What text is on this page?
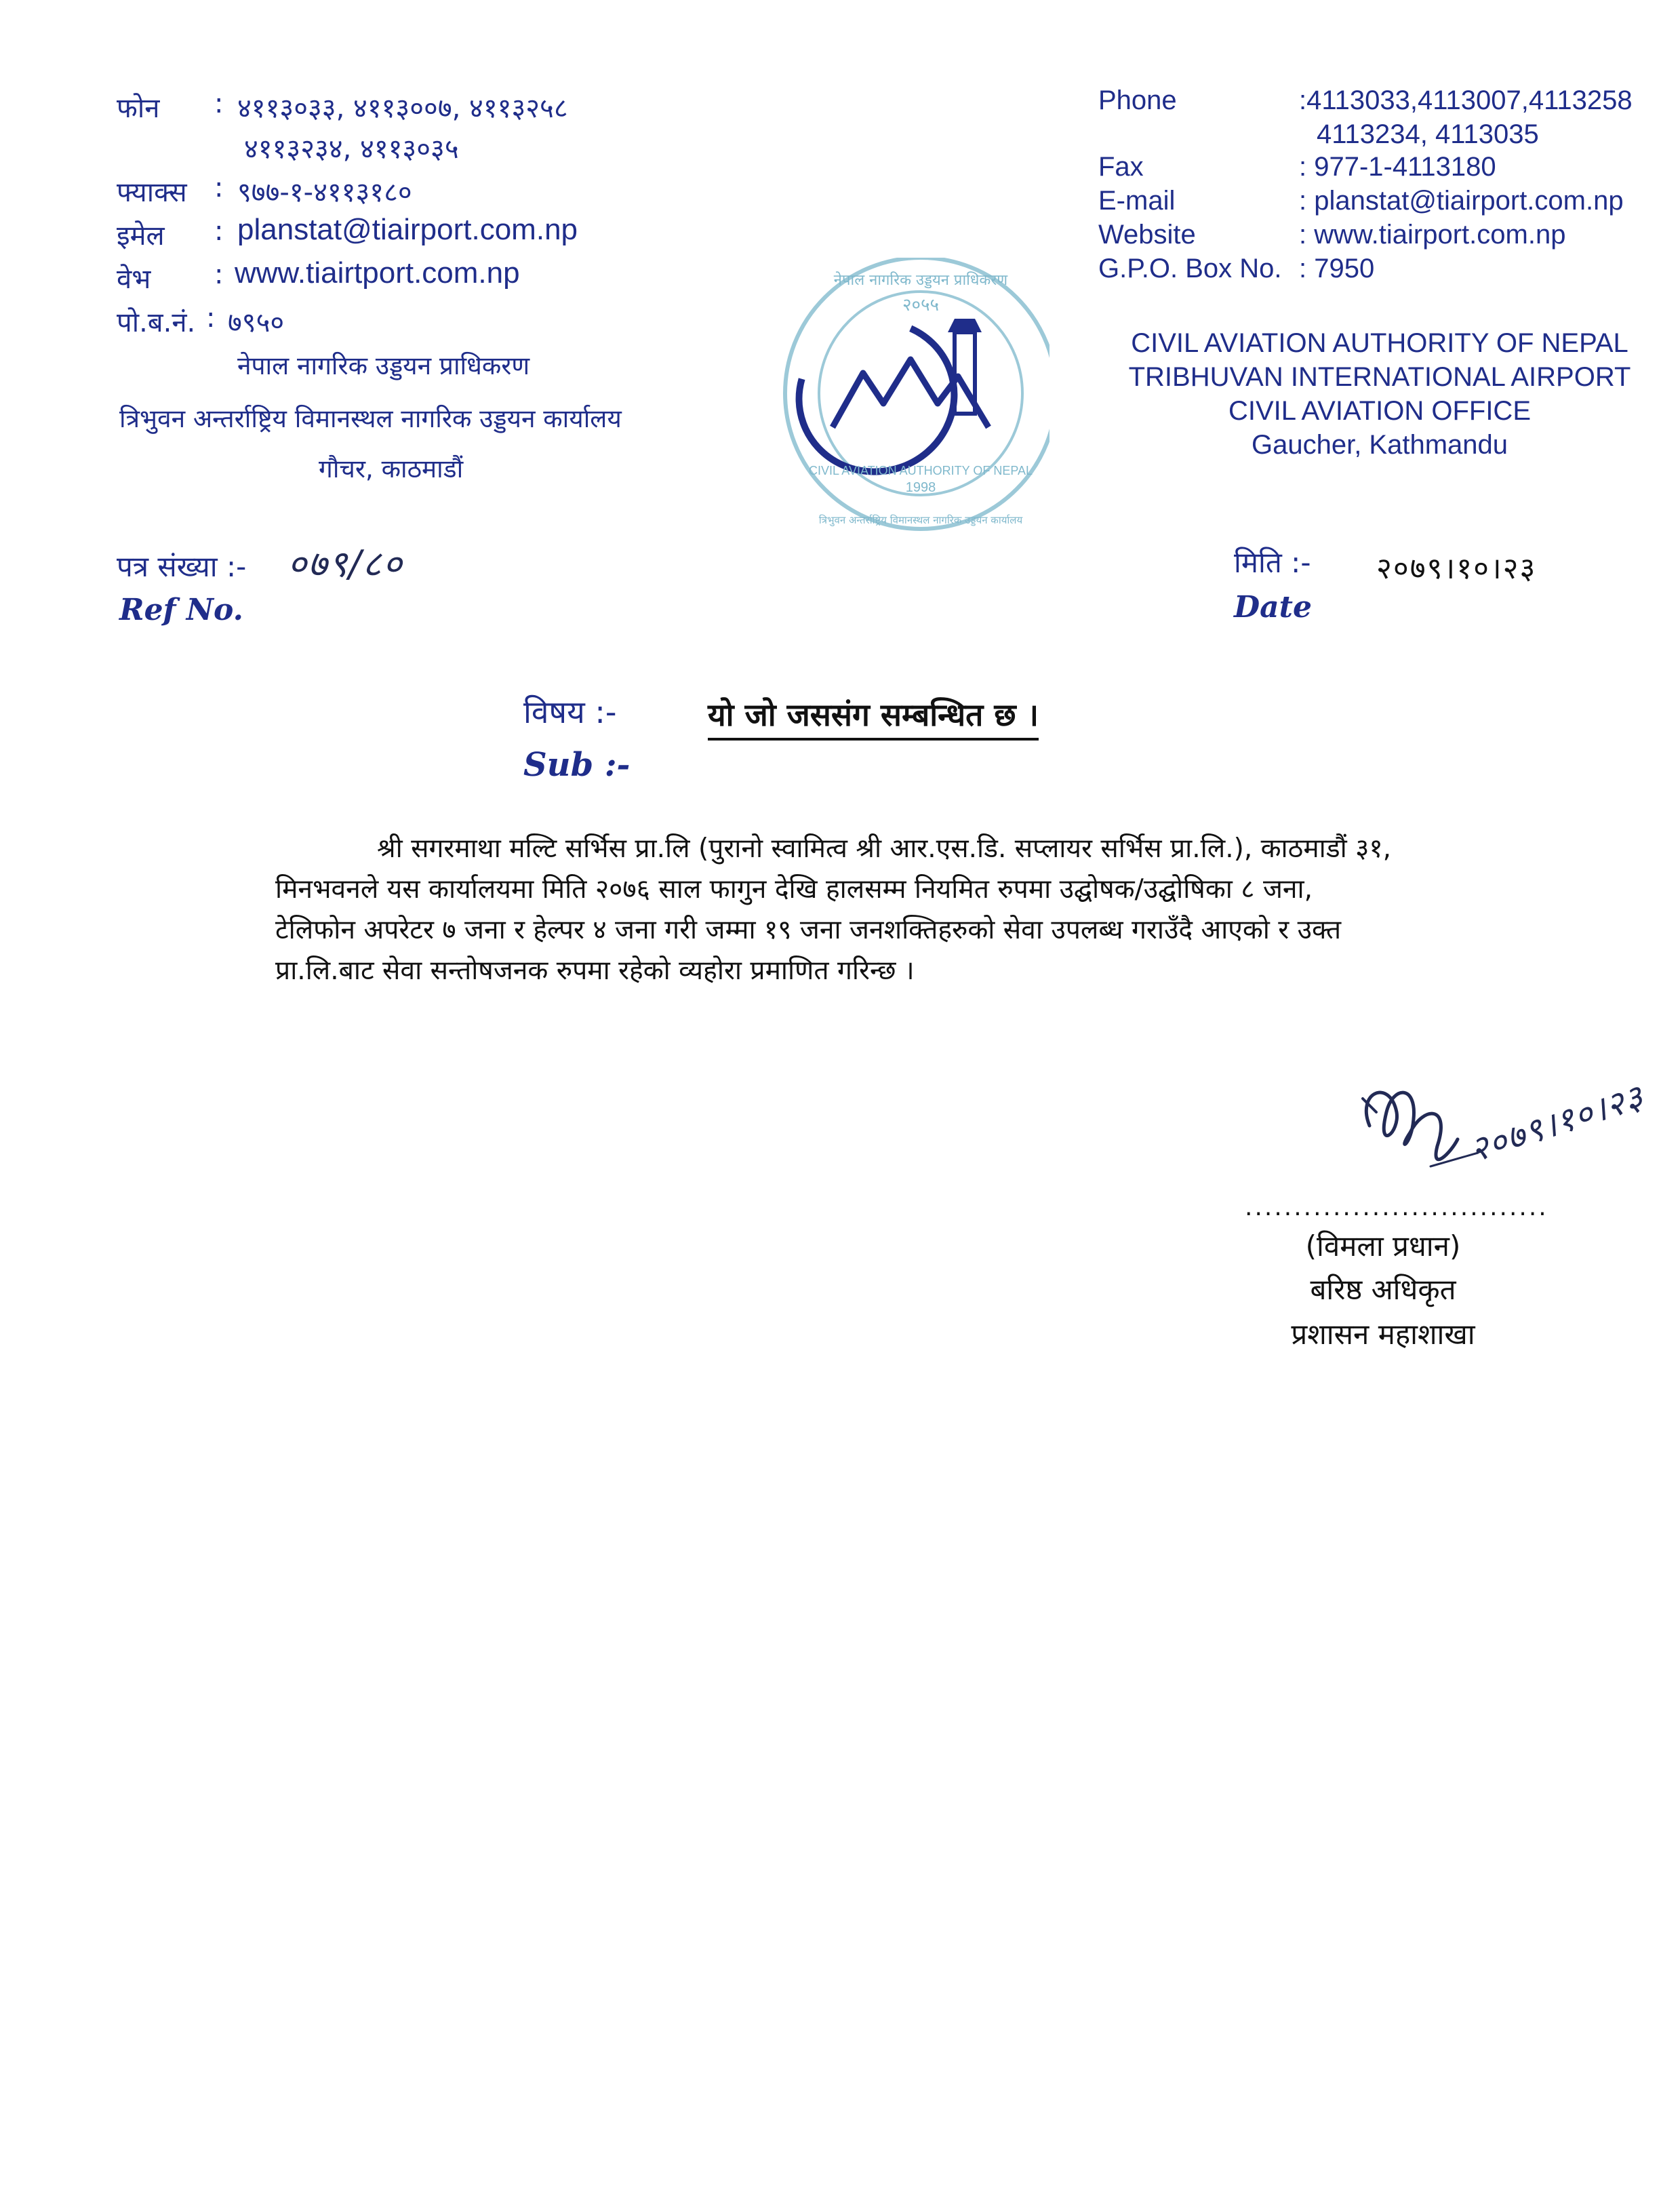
फोन : ४११३०३३, ४११३००७, ४११३२५८
४११३२३४, ४११३०३५
फ्याक्स : ९७७-१-४११३१८०
इमेल : planstat@tiairport.com.np
वेभ : www.tiairtport.com.np
पो.ब.नं. : ७९५०
नेपाल नागरिक उड्डयन प्राधिकरण
त्रिभुवन अन्तर्राष्ट्रिय विमानस्थल नागरिक उड्डयन कार्यालय
गौचर, काठमाडौं
२०५५
CIVIL AVIATION AUTHORITY OF NEPAL
1998
नेपाल नागरिक उड्डयन प्राधिकरण
त्रिभुवन अन्तर्राष्ट्रिय विमानस्थल नागरिक उड्डयन कार्यालय
Phone	:4113033,4113007,4113258
4113234, 4113035
Fax	: 977-1-4113180
E-mail	: planstat@tiairport.com.np
Website	: www.tiairport.com.np
G.P.O. Box No. : 7950
CIVIL AVIATION AUTHORITY OF NEPAL
TRIBHUVAN INTERNATIONAL AIRPORT
CIVIL AVIATION OFFICE
Gaucher, Kathmandu
पत्र संख्या :- ०७९/८०
Ref No.
मिति :- २०७९।१०।२३
Date
विषय :-
Sub :-
यो जो जससंग सम्बन्धित छ ।
श्री सगरमाथा मल्टि सर्भिस प्रा.लि (पुरानो स्वामित्व श्री आर.एस.डि. सप्लायर सर्भिस प्रा.लि.), काठमाडौं ३१,
मिनभवनले यस कार्यालयमा मिति २०७६ साल फागुन देखि हालसम्म नियमित रुपमा उद्घोषक/उद्घोषिका ८ जना,
टेलिफोन अपरेटर ७ जना र हेल्पर ४ जना गरी जम्मा १९ जना जनशक्तिहरुको सेवा उपलब्ध गराउँदै आएको र उक्त
प्रा.लि.बाट सेवा सन्तोषजनक रुपमा रहेको व्यहोरा प्रमाणित गरिन्छ ।
२०७९।१०।२३
...............................
(विमला प्रधान)
बरिष्ठ अधिकृत
प्रशासन महाशाखा
